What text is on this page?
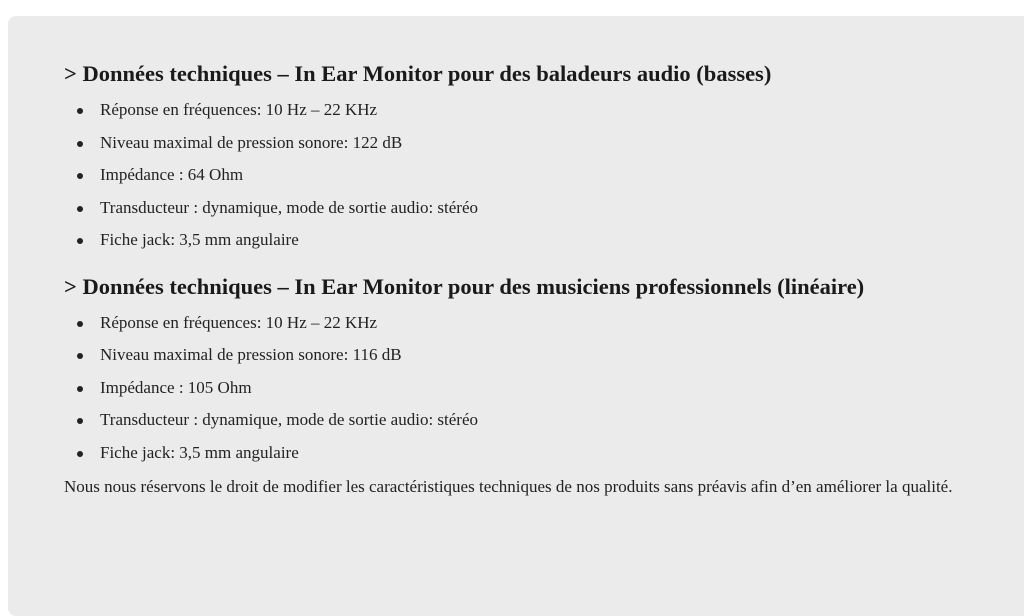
> Données techniques – In Ear Monitor pour des baladeurs audio (basses)
Réponse en fréquences: 10 Hz – 22 KHz
Niveau maximal de pression sonore: 122 dB
Impédance : 64 Ohm
Transducteur : dynamique, mode de sortie audio: stéréo
Fiche jack: 3,5 mm angulaire
> Données techniques – In Ear Monitor pour des musiciens professionnels (linéaire)
Réponse en fréquences: 10 Hz – 22 KHz
Niveau maximal de pression sonore: 116 dB
Impédance : 105 Ohm
Transducteur : dynamique, mode de sortie audio: stéréo
Fiche jack: 3,5 mm angulaire

Nous nous réservons le droit de modifier les caractéristiques techniques de nos produits sans préavis afin d’en améliorer la qualité.
